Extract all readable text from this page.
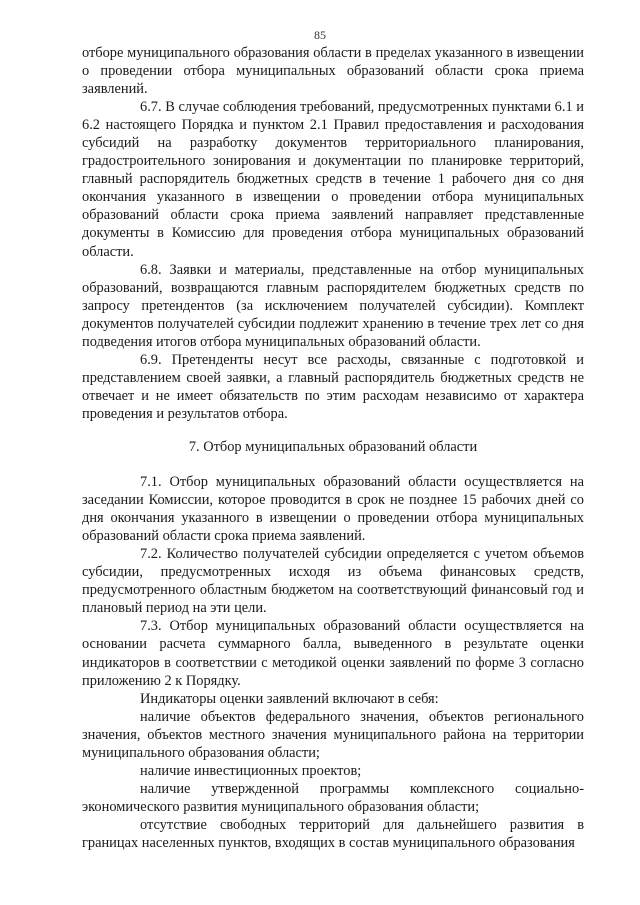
85

отборе муниципального образования области в пределах указанного в извещении о проведении отбора муниципальных образований области срока приема заявлений.

6.7. В случае соблюдения требований, предусмотренных пунктами 6.1 и 6.2 настоящего Порядка и пунктом 2.1 Правил предоставления и расходования субсидий на разработку документов территориального планирования, градостроительного зонирования и документации по планировке территорий, главный распорядитель бюджетных средств в течение 1 рабочего дня со дня окончания указанного в извещении о проведении отбора муниципальных образований области срока приема заявлений направляет представленные документы в Комиссию для проведения отбора муниципальных образований области.

6.8. Заявки и материалы, представленные на отбор муниципальных образований, возвращаются главным распорядителем бюджетных средств по запросу претендентов (за исключением получателей субсидии). Комплект документов получателей субсидии подлежит хранению в течение трех лет со дня подведения итогов отбора муниципальных образований области.

6.9. Претенденты несут все расходы, связанные с подготовкой и представлением своей заявки, а главный распорядитель бюджетных средств не отвечает и не имеет обязательств по этим расходам независимо от характера проведения и результатов отбора.

7. Отбор муниципальных образований области

7.1. Отбор муниципальных образований области осуществляется на заседании Комиссии, которое проводится в срок не позднее 15 рабочих дней со дня окончания указанного в извещении о проведении отбора муниципальных образований области срока приема заявлений.

7.2. Количество получателей субсидии определяется с учетом объемов субсидии, предусмотренных исходя из объема финансовых средств, предусмотренного областным бюджетом на соответствующий финансовый год и плановый период на эти цели.

7.3. Отбор муниципальных образований области осуществляется на основании расчета суммарного балла, выведенного в результате оценки индикаторов в соответствии с методикой оценки заявлений по форме 3 согласно приложению 2 к Порядку.

Индикаторы оценки заявлений включают в себя:

наличие объектов федерального значения, объектов регионального значения, объектов местного значения муниципального района на территории муниципального образования области;

наличие инвестиционных проектов;

наличие утвержденной программы комплексного социально-экономического развития муниципального образования области;

отсутствие свободных территорий для дальнейшего развития в границах населенных пунктов, входящих в состав муниципального образования
